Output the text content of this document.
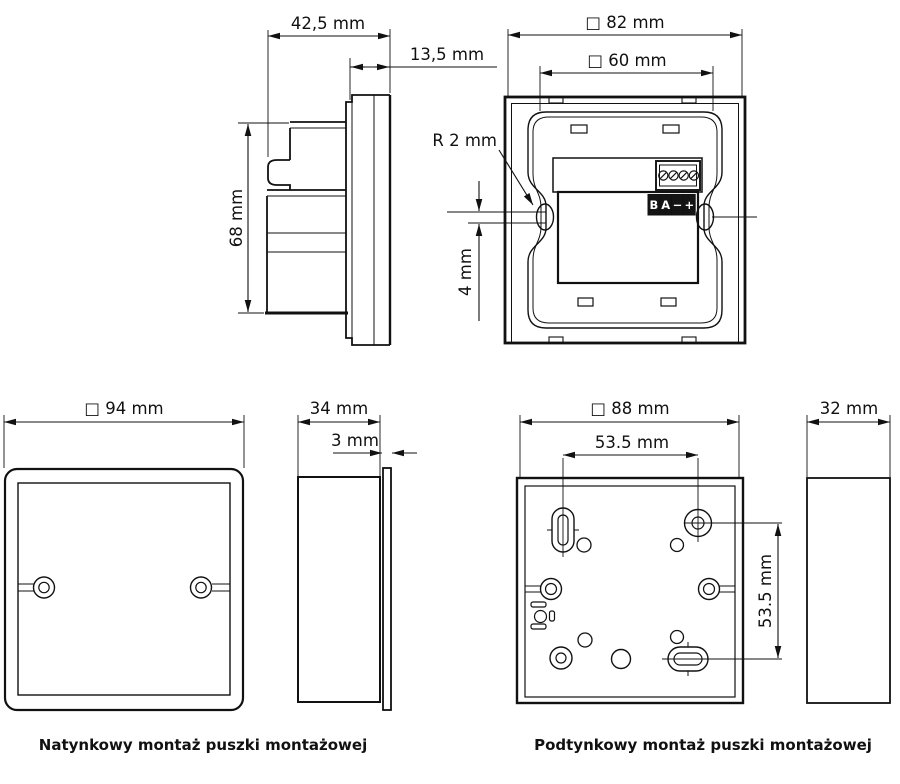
42,5 mm
13,5 mm
68 mm	B A − +
□ 82 mm
□ 60 mm
R 2 mm
4 mm
□ 94 mm	34 mm
3 mm
□ 88 mm
53.5 mm
53.5 mm
32 mm
Natynkowy montaż puszki montażowej	Podtynkowy montaż puszki montażowej
